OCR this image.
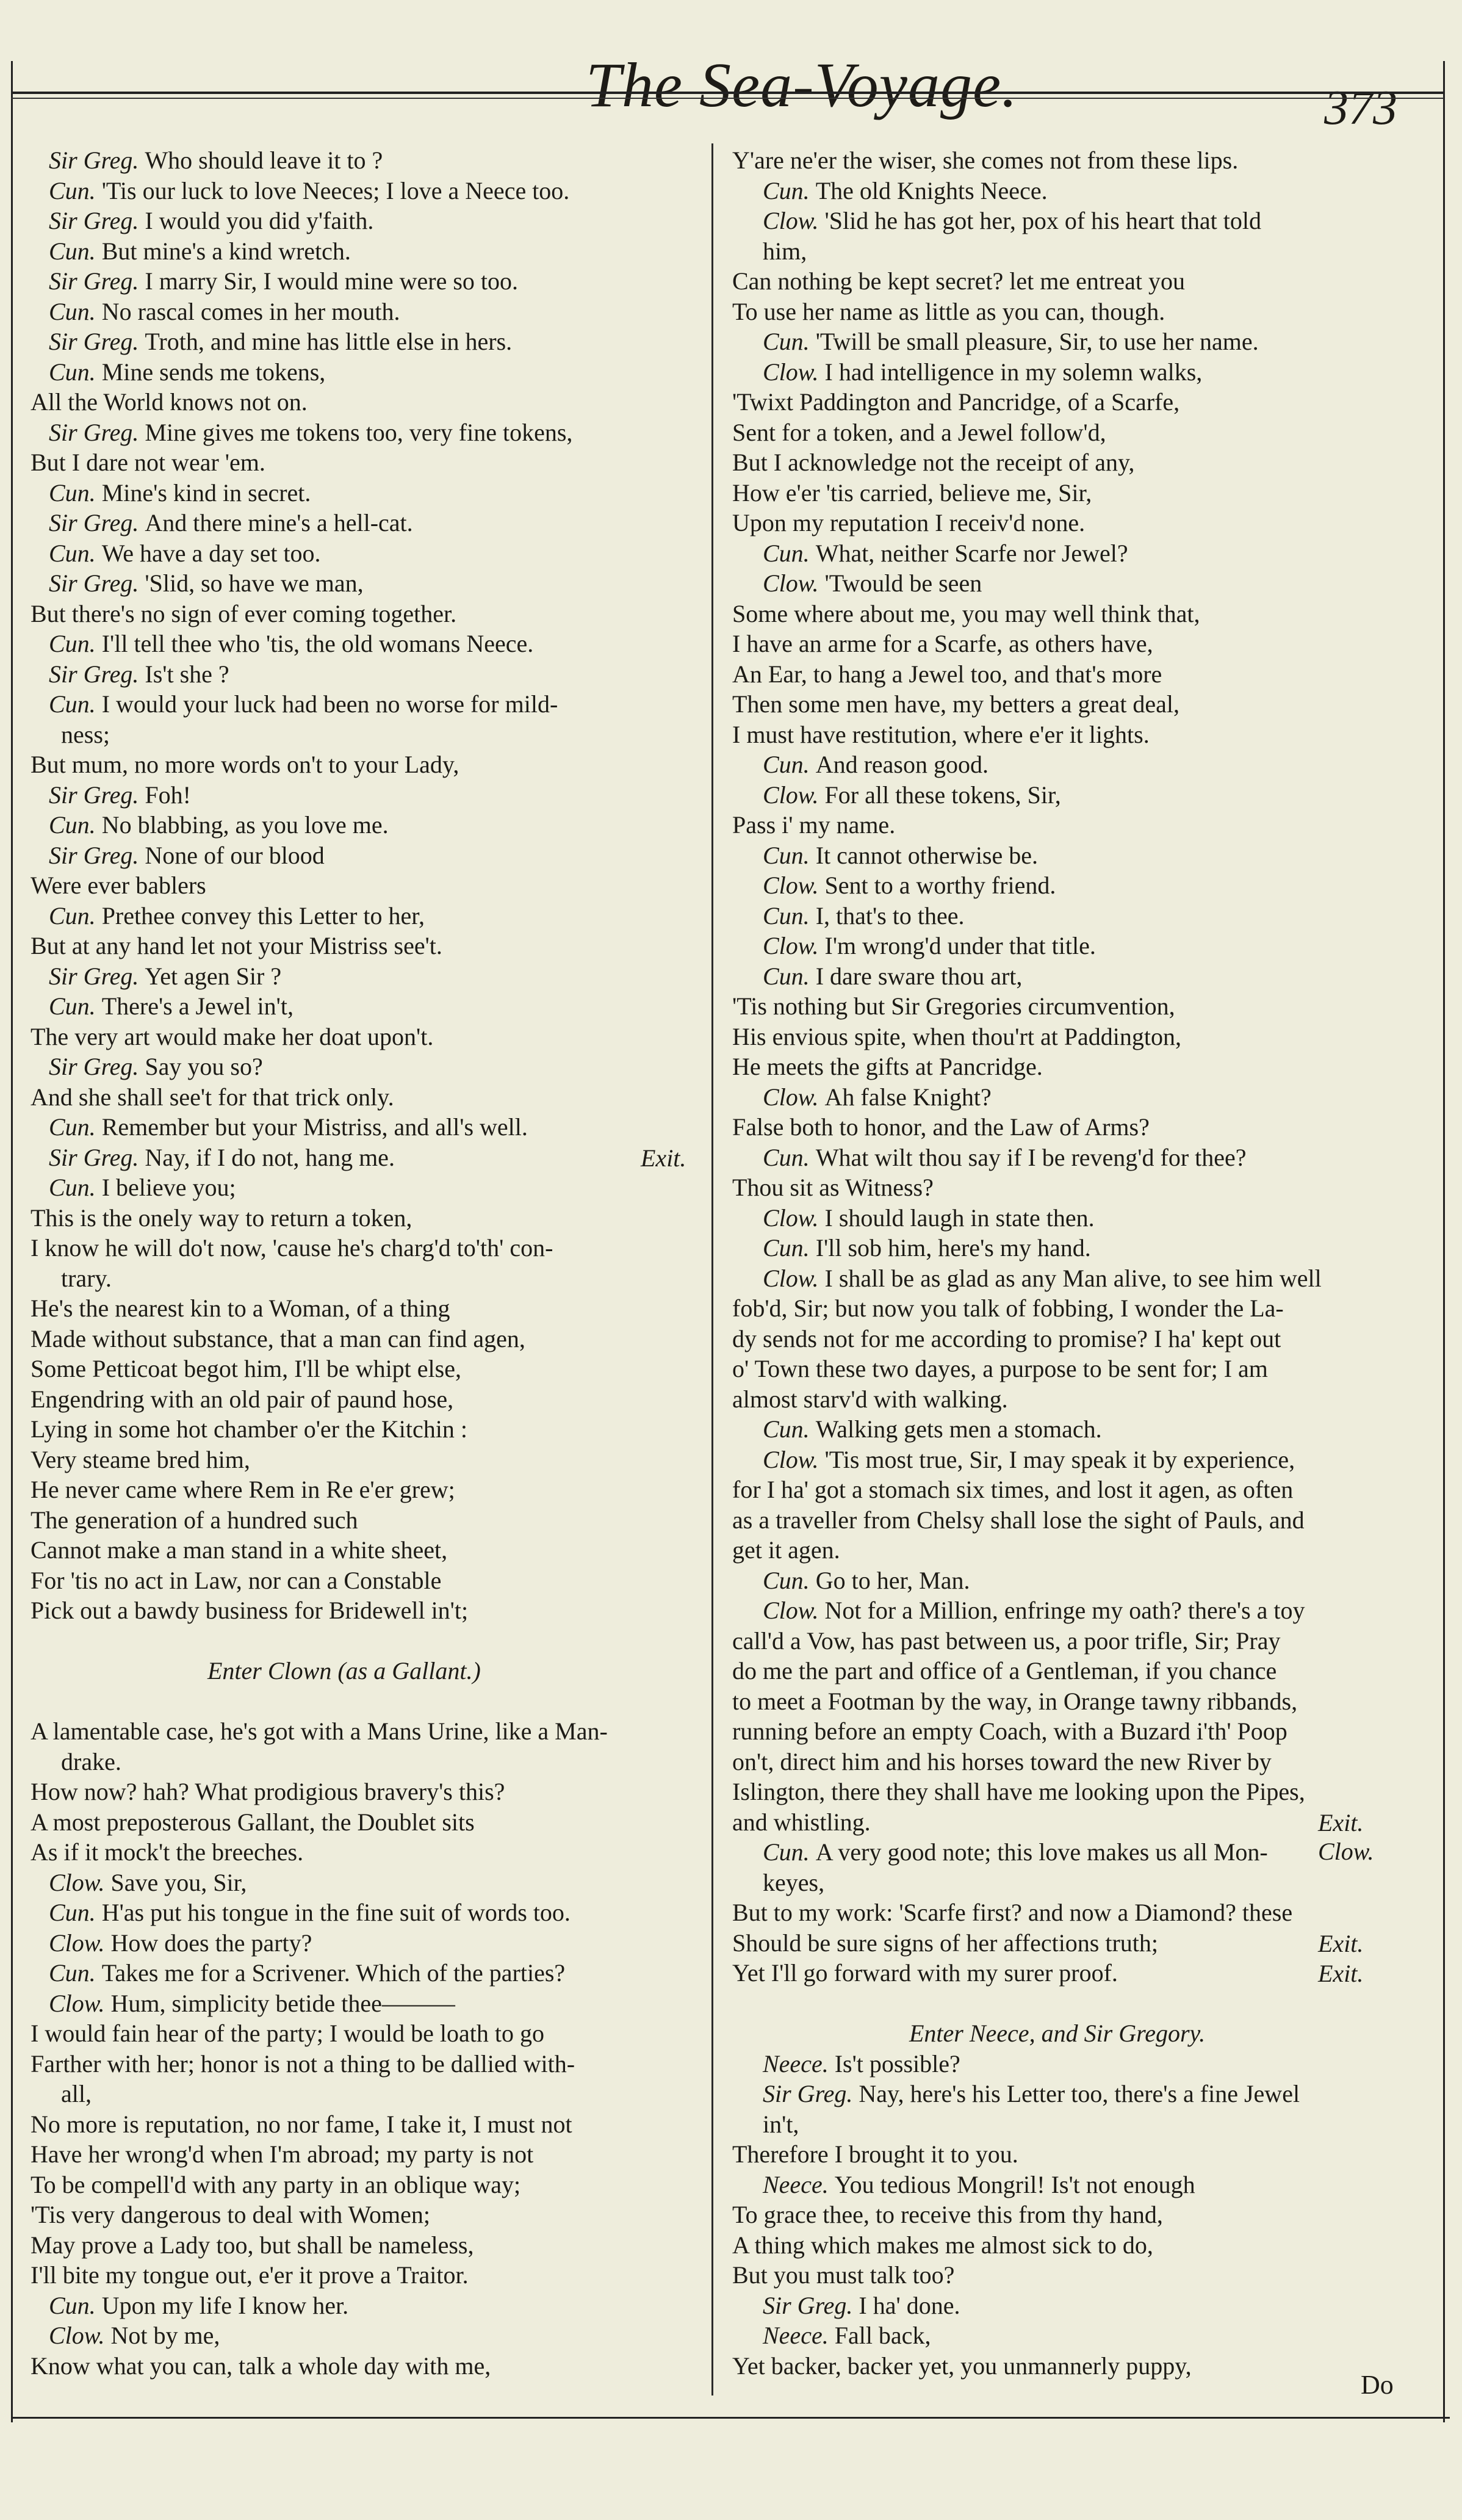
The Sea-Voyage.	373
Sir Greg. Who should leave it to ?
Cun. 'Tis our luck to love Neeces; I love a Neece too.
Sir Greg. I would you did y'faith.
Cun. But mine's a kind wretch.
Sir Greg. I marry Sir, I would mine were so too.
Cun. No rascal comes in her mouth.
Sir Greg. Troth, and mine has little else in hers.
Cun. Mine sends me tokens,
All the World knows not on.
Sir Greg. Mine gives me tokens too, very fine tokens,
But I dare not wear 'em.
Cun. Mine's kind in secret.
Sir Greg. And there mine's a hell-cat.
Cun. We have a day set too.
Sir Greg. 'Slid, so have we man,
But there's no sign of ever coming together.
Cun. I'll tell thee who 'tis, the old womans Neece.
Sir Greg. Is't she ?
Cun. I would your luck had been no worse for mild-
ness;
But mum, no more words on't to your Lady,
Sir Greg. Foh!
Cun. No blabbing, as you love me.
Sir Greg. None of our blood
Were ever bablers
Cun. Prethee convey this Letter to her,
But at any hand let not your Mistriss see't.
Sir Greg. Yet agen Sir ?
Cun. There's a Jewel in't,
The very art would make her doat upon't.
Sir Greg. Say you so?
And she shall see't for that trick only.
Cun. Remember but your Mistriss, and all's well.
Sir Greg. Nay, if I do not, hang me.	Exit.
Cun. I believe you;
This is the onely way to return a token,
I know he will do't now, 'cause he's charg'd to'th' con-
trary.
He's the nearest kin to a Woman, of a thing
Made without substance, that a man can find agen,
Some Petticoat begot him, I'll be whipt else,
Engendring with an old pair of paund hose,
Lying in some hot chamber o'er the Kitchin :
Very steame bred him,
He never came where Rem in Re e'er grew;
The generation of a hundred such
Cannot make a man stand in a white sheet,
For 'tis no act in Law, nor can a Constable
Pick out a bawdy business for Bridewell in't;
Enter Clown (as a Gallant.)
A lamentable case, he's got with a Mans Urine, like a Man-
drake.
How now? hah? What prodigious bravery's this?
A most preposterous Gallant, the Doublet sits
As if it mock't the breeches.
Clow. Save you, Sir,
Cun. H'as put his tongue in the fine suit of words too.
Clow. How does the party?
Cun. Takes me for a Scrivener. Which of the parties?
Clow. Hum, simplicity betide thee———
I would fain hear of the party; I would be loath to go
Farther with her; honor is not a thing to be dallied with-
all,
No more is reputation, no nor fame, I take it, I must not
Have her wrong'd when I'm abroad; my party is not
To be compell'd with any party in an oblique way;
'Tis very dangerous to deal with Women;
May prove a Lady too, but shall be nameless,
I'll bite my tongue out, e'er it prove a Traitor.
Cun. Upon my life I know her.
Clow. Not by me,
Know what you can, talk a whole day with me,
Y'are ne'er the wiser, she comes not from these lips.
Cun. The old Knights Neece.
Clow. 'Slid he has got her, pox of his heart that told
him,
Can nothing be kept secret? let me entreat you
To use her name as little as you can, though.
Cun. 'Twill be small pleasure, Sir, to use her name.
Clow. I had intelligence in my solemn walks,
'Twixt Paddington and Pancridge, of a Scarfe,
Sent for a token, and a Jewel follow'd,
But I acknowledge not the receipt of any,
How e'er 'tis carried, believe me, Sir,
Upon my reputation I receiv'd none.
Cun. What, neither Scarfe nor Jewel?
Clow. 'Twould be seen
Some where about me, you may well think that,
I have an arme for a Scarfe, as others have,
An Ear, to hang a Jewel too, and that's more
Then some men have, my betters a great deal,
I must have restitution, where e'er it lights.
Cun. And reason good.
Clow. For all these tokens, Sir,
Pass i' my name.
Cun. It cannot otherwise be.
Clow. Sent to a worthy friend.
Cun. I, that's to thee.
Clow. I'm wrong'd under that title.
Cun. I dare sware thou art,
'Tis nothing but Sir Gregories circumvention,
His envious spite, when thou'rt at Paddington,
He meets the gifts at Pancridge.
Clow. Ah false Knight?
False both to honor, and the Law of Arms?
Cun. What wilt thou say if I be reveng'd for thee?
Thou sit as Witness?
Clow. I should laugh in state then.
Cun. I'll sob him, here's my hand.
Clow. I shall be as glad as any Man alive, to see him well
fob'd, Sir; but now you talk of fobbing, I wonder the La-
dy sends not for me according to promise? I ha' kept out
o' Town these two dayes, a purpose to be sent for; I am
almost starv'd with walking.
Cun. Walking gets men a stomach.
Clow. 'Tis most true, Sir, I may speak it by experience,
for I ha' got a stomach six times, and lost it agen, as often
as a traveller from Chelsy shall lose the sight of Pauls, and
get it agen.
Cun. Go to her, Man.
Clow. Not for a Million, enfringe my oath? there's a toy
call'd a Vow, has past between us, a poor trifle, Sir; Pray
do me the part and office of a Gentleman, if you chance
to meet a Footman by the way, in Orange tawny ribbands,
running before an empty Coach, with a Buzard i'th' Poop
on't, direct him and his horses toward the new River by
Islington, there they shall have me looking upon the Pipes,
and whistling.	Exit. Clow.
Cun. A very good note; this love makes us all Mon-
keyes,
But to my work: 'Scarfe first? and now a Diamond? these
Should be sure signs of her affections truth;	Exit.
Yet I'll go forward with my surer proof.	Exit.
Enter Neece, and Sir Gregory.
Neece. Is't possible?
Sir Greg. Nay, here's his Letter too, there's a fine Jewel
in't,
Therefore I brought it to you.
Neece. You tedious Mongril! Is't not enough
To grace thee, to receive this from thy hand,
A thing which makes me almost sick to do,
But you must talk too?
Sir Greg. I ha' done.
Neece. Fall back,
Yet backer, backer yet, you unmannerly puppy,
Do
